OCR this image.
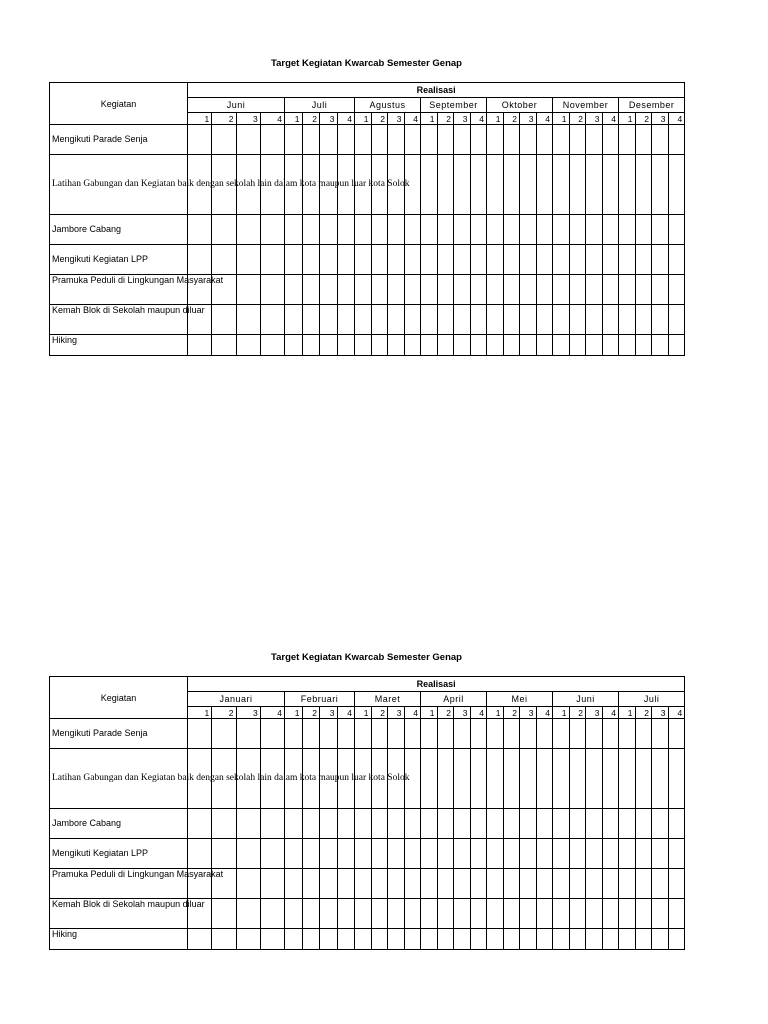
Target Kegiatan Kwarcab Semester Genap
Kegiatan	Realisasi																											
	Juni				Juli				Agustus				September				Oktober				November				Desember			
	1	2	3	4	1	2	3	4	1	2	3	4	1	2	3	4	1	2	3	4	1	2	3	4	1	2	3	4
Mengikuti Parade Senja																												
Latihan Gabungan dan Kegiatan baik dengan sekolah lain dalam kota maupun luar kota Solok																												
Jambore Cabang																												
Mengikuti Kegiatan LPP																												
Pramuka Peduli di Lingkungan Masyarakat																												
Kemah Blok di Sekolah maupun diluar																												
Hiking																												
Target Kegiatan Kwarcab Semester Genap
Kegiatan	Realisasi																											
	Januari				Februari				Maret				April				Mei				Juni				Juli			
	1	2	3	4	1	2	3	4	1	2	3	4	1	2	3	4	1	2	3	4	1	2	3	4	1	2	3	4
Mengikuti Parade Senja																												
Latihan Gabungan dan Kegiatan baik dengan sekolah lain dalam kota maupun luar kota Solok																												
Jambore Cabang																												
Mengikuti Kegiatan LPP																												
Pramuka Peduli di Lingkungan Masyarakat																												
Kemah Blok di Sekolah maupun diluar																												
Hiking																												
